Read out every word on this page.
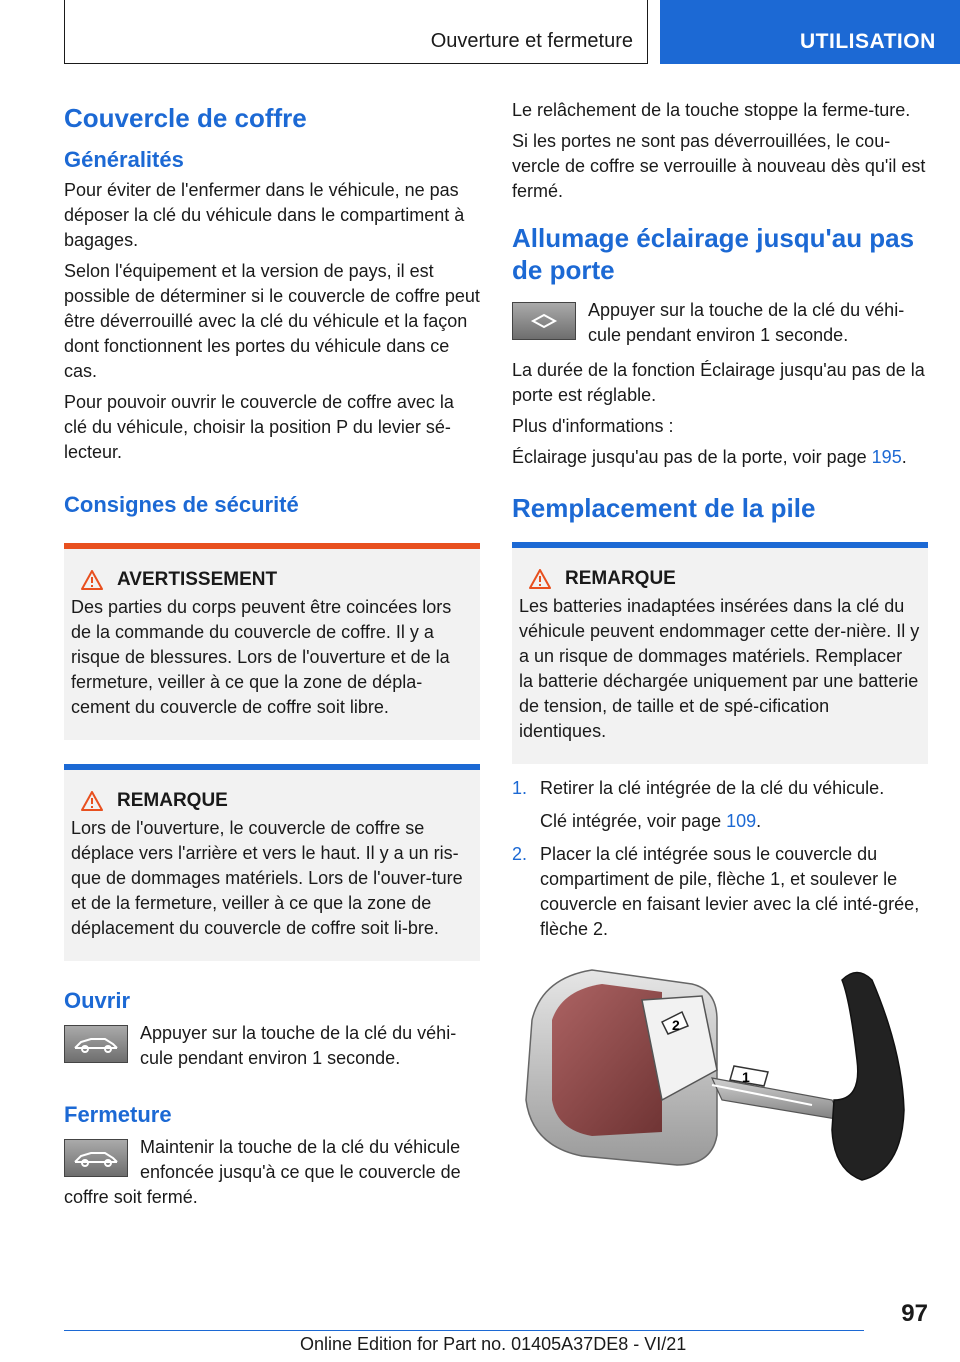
Ouverture et fermeture	UTILISATION
Couvercle de coffre
Généralités

Pour éviter de l'enfermer dans le véhicule, ne pas déposer la clé du véhicule dans le compartiment à bagages.

Selon l'équipement et la version de pays, il est possible de déterminer si le couvercle de coffre peut être déverrouillé avec la clé du véhicule et la façon dont fonctionnent les portes du véhicule dans ce cas.

Pour pouvoir ouvrir le couvercle de coffre avec la clé du véhicule, choisir la position P du levier sé-lecteur.

Consignes de sécurité
AVERTISSEMENT

Des parties du corps peuvent être coincées lors de la commande du couvercle de coffre. Il y a risque de blessures. Lors de l'ouverture et de la fermeture, veiller à ce que la zone de dépla-cement du couvercle de coffre soit libre.

REMARQUE

Lors de l'ouverture, le couvercle de coffre se déplace vers l'arrière et vers le haut. Il y a un ris-que de dommages matériels. Lors de l'ouver-ture et de la fermeture, veiller à ce que la zone de déplacement du couvercle de coffre soit li-bre.

Ouvrir

Appuyer sur la touche de la clé du véhi-cule pendant environ 1 seconde.

Fermeture

Maintenir la touche de la clé du véhicule enfoncée jusqu'à ce que le couvercle de coffre soit fermé.

Le relâchement de la touche stoppe la ferme-ture.

Si les portes ne sont pas déverrouillées, le cou-vercle de coffre se verrouille à nouveau dès qu'il est fermé.

Allumage éclairage jusqu'au pas de porte

Appuyer sur la touche de la clé du véhi-cule pendant environ 1 seconde.

La durée de la fonction Éclairage jusqu'au pas de la porte est réglable.

Plus d'informations :

Éclairage jusqu'au pas de la porte, voir page 195.

Remplacement de la pile
REMARQUE

Les batteries inadaptées insérées dans la clé du véhicule peuvent endommager cette der-nière. Il y a un risque de dommages matériels. Remplacer la batterie déchargée uniquement par une batterie de tension, de taille et de spé-cification identiques.

1. Retirer la clé intégrée de la clé du véhicule.
Clé intégrée, voir page 109.
2. Placer la clé intégrée sous le couvercle du compartiment de pile, flèche 1, et soulever le couvercle en faisant levier avec la clé inté-grée, flèche 2.
2
1
97
Online Edition for Part no. 01405A37DE8 - VI/21
